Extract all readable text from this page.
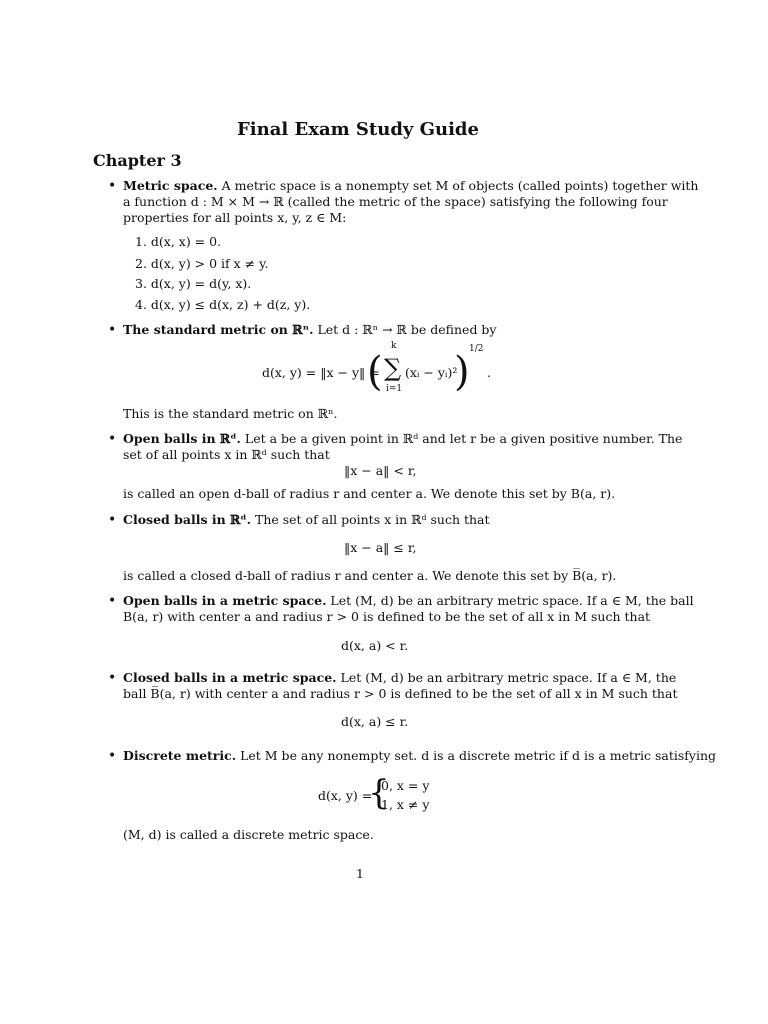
Final Exam Study Guide
Chapter 3
• Metric space. A metric space is a nonempty set M of objects (called points) together with
a function d : M × M → ℝ (called the metric of the space) satisfying the following four
properties for all points x, y, z ∈ M:
1. d(x, x) = 0.
2. d(x, y) > 0 if x ≠ y.
3. d(x, y) = d(y, x).
4. d(x, y) ≤ d(x, z) + d(z, y).
• The standard metric on ℝⁿ. Let d : ℝⁿ → ℝ be defined by
d(x, y) = ‖x − y‖ =
(
k
∑
i=1
(xᵢ − yᵢ)²
) 1/2
.
This is the standard metric on ℝⁿ.
• Open balls in ℝᵈ. Let a be a given point in ℝᵈ and let r be a given positive number. The
set of all points x in ℝᵈ such that
‖x − a‖ < r,
is called an open d-ball of radius r and center a. We denote this set by B(a, r).
• Closed balls in ℝᵈ. The set of all points x in ℝᵈ such that
‖x − a‖ ≤ r,
is called a closed d-ball of radius r and center a. We denote this set by B̅(a, r).
• Open balls in a metric space. Let (M, d) be an arbitrary metric space. If a ∈ M, the ball
B(a, r) with center a and radius r > 0 is defined to be the set of all x in M such that
d(x, a) < r.
• Closed balls in a metric space. Let (M, d) be an arbitrary metric space. If a ∈ M, the
ball B̅(a, r) with center a and radius r > 0 is defined to be the set of all x in M such that
d(x, a) ≤ r.
• Discrete metric. Let M be any nonempty set. d is a discrete metric if d is a metric satisfying
d(x, y) =
{
0, x = y
1, x ≠ y
(M, d) is called a discrete metric space.
1
